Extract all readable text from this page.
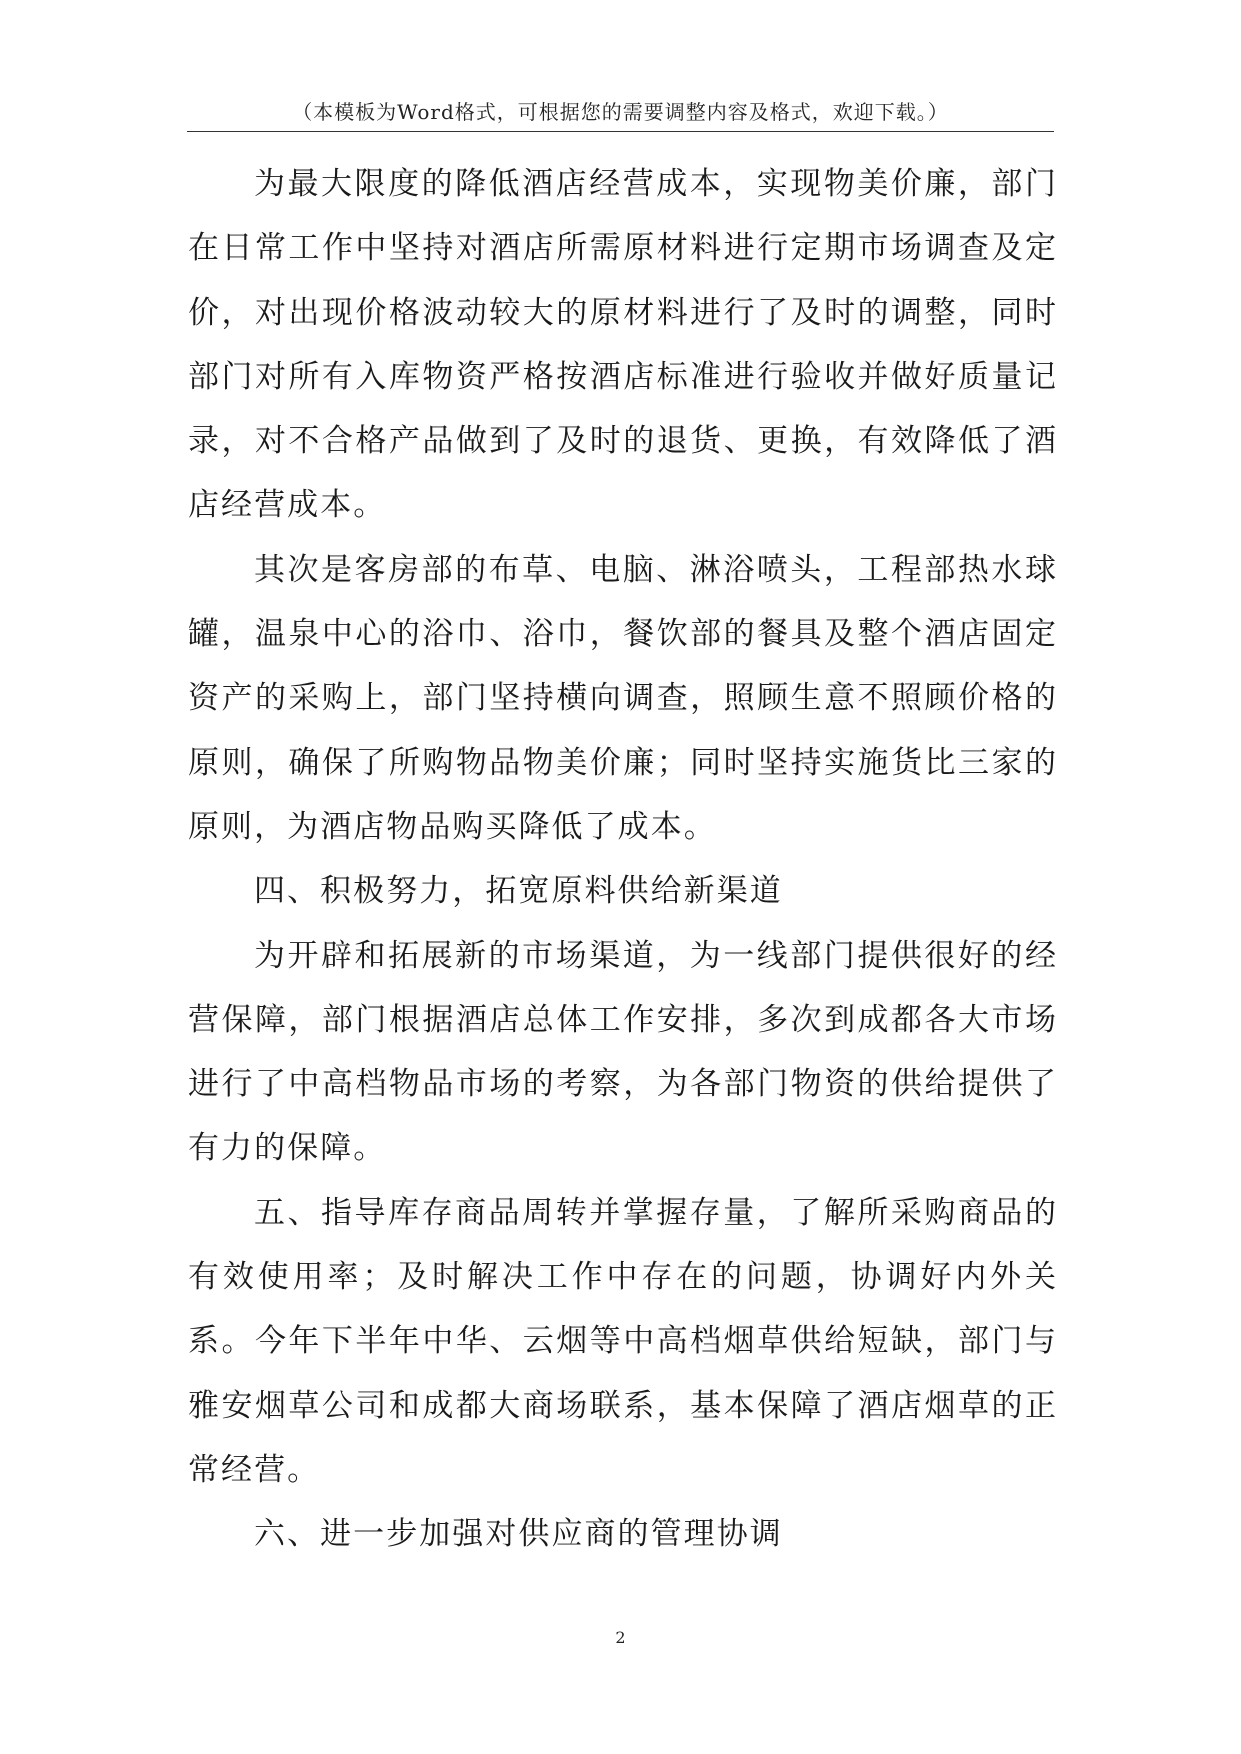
（本模板为Word格式，可根据您的需要调整内容及格式，欢迎下载。）

为最大限度的降低酒店经营成本，实现物美价廉，部门在日常工作中坚持对酒店所需原材料进行定期市场调查及定价，对出现价格波动较大的原材料进行了及时的调整，同时部门对所有入库物资严格按酒店标准进行验收并做好质量记录，对不合格产品做到了及时的退货、更换，有效降低了酒店经营成本。

其次是客房部的布草、电脑、淋浴喷头，工程部热水球罐，温泉中心的浴巾、浴巾，餐饮部的餐具及整个酒店固定资产的采购上，部门坚持横向调查，照顾生意不照顾价格的原则，确保了所购物品物美价廉；同时坚持实施货比三家的原则，为酒店物品购买降低了成本。

四、积极努力，拓宽原料供给新渠道

为开辟和拓展新的市场渠道，为一线部门提供很好的经营保障，部门根据酒店总体工作安排，多次到成都各大市场进行了中高档物品市场的考察，为各部门物资的供给提供了有力的保障。

五、指导库存商品周转并掌握存量，了解所采购商品的有效使用率；及时解决工作中存在的问题，协调好内外关系。今年下半年中华、云烟等中高档烟草供给短缺，部门与雅安烟草公司和成都大商场联系，基本保障了酒店烟草的正常经营。

六、进一步加强对供应商的管理协调

2
